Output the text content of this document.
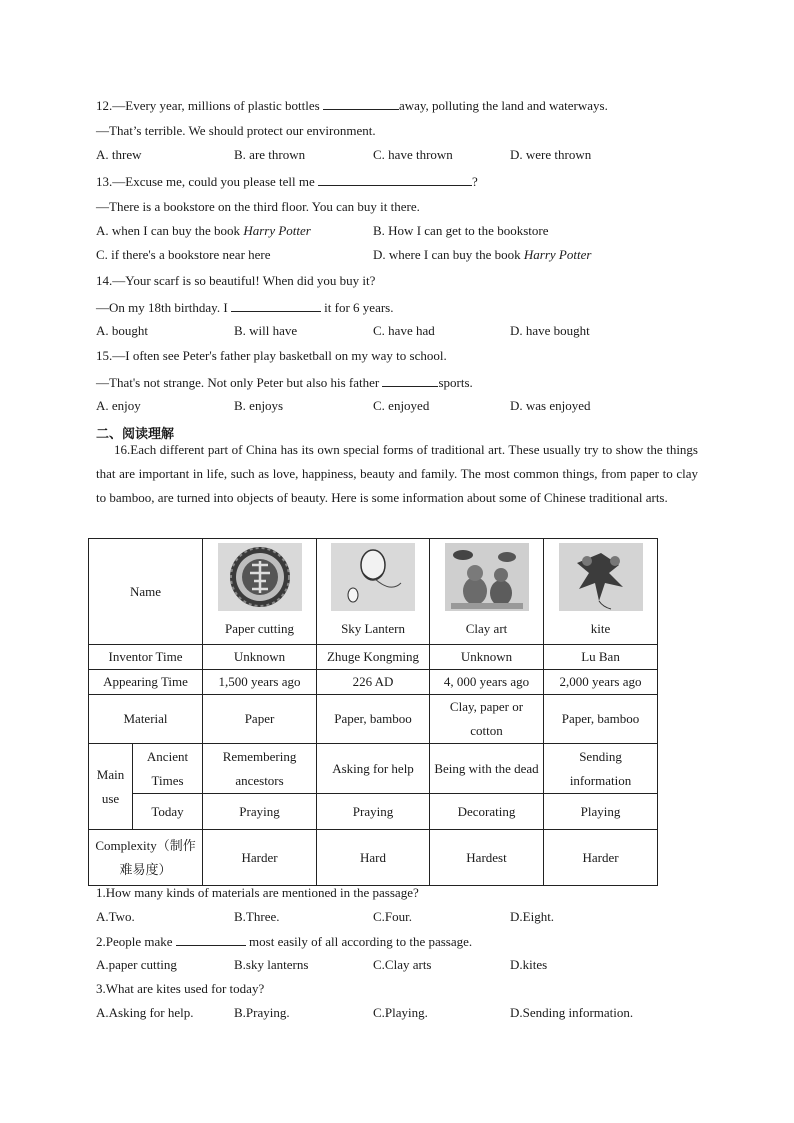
12.—Every year, millions of plastic bottles	away, polluting the land and waterways.
—That’s terrible. We should protect our environment.
A. threw	B. are thrown	C. have thrown	D. were thrown
13.—Excuse me, could you please tell me	?
—There is a bookstore on the third floor. You can buy it there.
A. when I can buy the book Harry Potter	B. How I can get to the bookstore
C. if there's a bookstore near here	D. where I can buy the book Harry Potter
14.—Your scarf is so beautiful! When did you buy it?
—On my 18th birthday. I	it for 6 years.
A. bought	B. will have	C. have had	D. have bought
15.—I often see Peter's father play basketball on my way to school.
—That's not strange. Not only Peter but also his father	sports.
A. enjoy	B. enjoys	C. enjoyed	D. was enjoyed
二、阅读理解
16.Each different part of China has its own special forms of traditional art. These usually try to show the things that are important in life, such as love, happiness, beauty and family. The most common things, from paper to clay to bamboo, are turned into objects of beauty. Here is some information about some of Chinese traditional arts.
Name		Paper cutting	Sky Lantern	Clay art	kite
Inventor Time		Unknown	Zhuge Kongming	Unknown	Lu Ban
Appearing Time		1,500 years ago	226 AD	4, 000 years ago	2,000 years ago
Material		Paper	Paper, bamboo	Clay, paper or cotton	Paper, bamboo
Main use	Ancient Times	Remembering ancestors	Asking for help	Being with the dead	Sending information
	Today	Praying	Praying	Decorating	Playing
Complexity（制作难易度）		Harder	Hard	Hardest	Harder
1.How many kinds of materials are mentioned in the passage?
A.Two.	B.Three.	C.Four.	D.Eight.
2.People make	most easily of all according to the passage.
A.paper cutting	B.sky lanterns	C.Clay arts	D.kites
3.What are kites used for today?
A.Asking for help.	B.Praying.	C.Playing.	D.Sending information.
